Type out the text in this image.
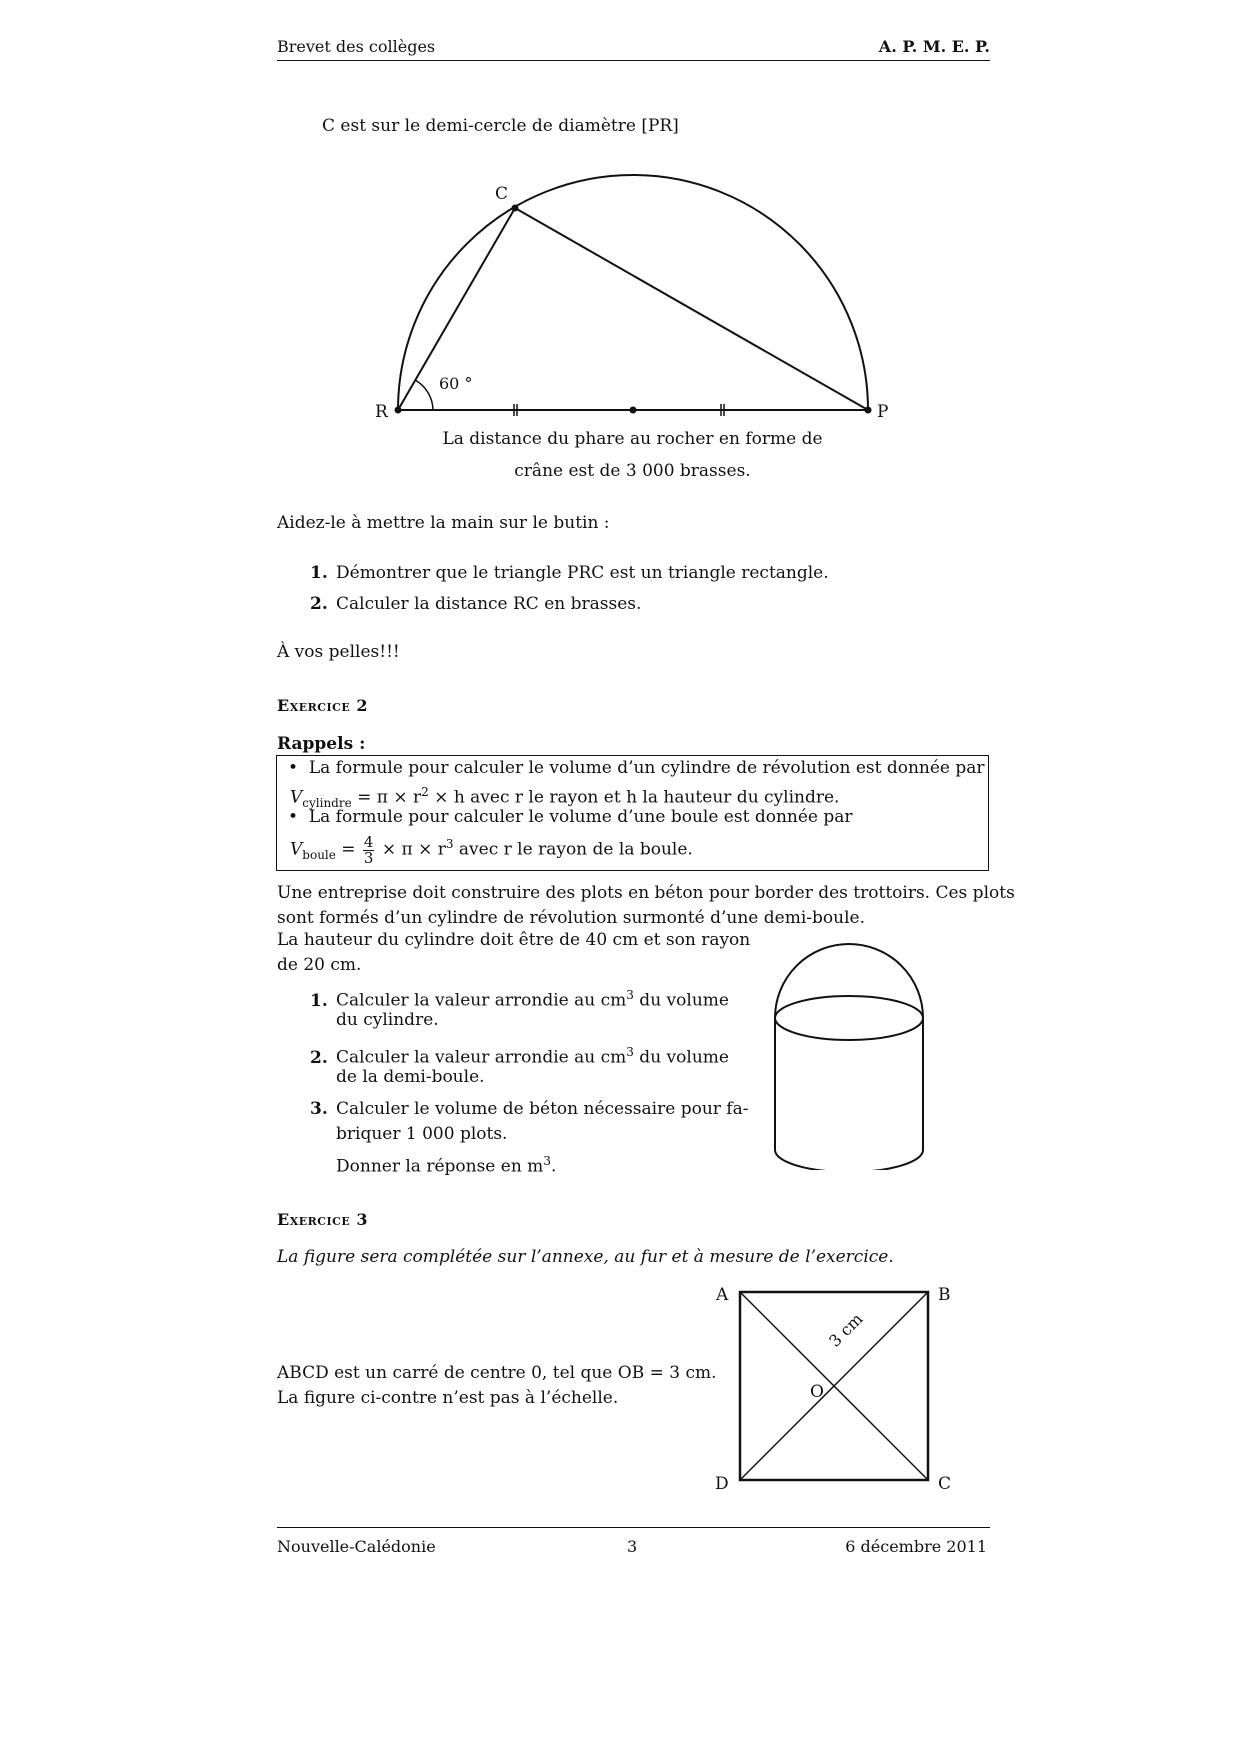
Brevet des collèges	A. P. M. E. P.
C est sur le demi-cercle de diamètre [PR]
C
R	P
60 °
La distance du phare au rocher en forme de
crâne est de 3 000 brasses.
Aidez-le à mettre la main sur le butin :
1. Démontrer que le triangle PRC est un triangle rectangle.
2. Calculer la distance RC en brasses.
À vos pelles!!!
Exercice 2
Rappels :
•  La formule pour calculer le volume d’un cylindre de révolution est donnée par
$V_{cylindre} = \pi \times r^2 \times h$ avec r le rayon et h la hauteur du cylindre.
•  La formule pour calculer le volume d’une boule est donnée par
$V_{boule} = \frac{4}{3} \times \pi \times r^3$ avec r le rayon de la boule.
Une entreprise doit construire des plots en béton pour border des trottoirs. Ces plots
sont formés d’un cylindre de révolution surmonté d’une demi-boule.
La hauteur du cylindre doit être de 40 cm et son rayon
de 20 cm.
1. Calculer la valeur arrondie au $cm^3$ du volume
du cylindre.
2. Calculer la valeur arrondie au $cm^3$ du volume
de la demi-boule.
3. Calculer le volume de béton nécessaire pour fa-
briquer 1 000 plots.
Donner la réponse en $m^3$.
Exercice 3
La figure sera complétée sur l’annexe, au fur et à mesure de l’exercice.
ABCD est un carré de centre 0, tel que OB = 3 cm.
La figure ci-contre n’est pas à l’échelle.
A	B
C
D
O
3 cm
Nouvelle-Calédonie	3	6 décembre 2011
